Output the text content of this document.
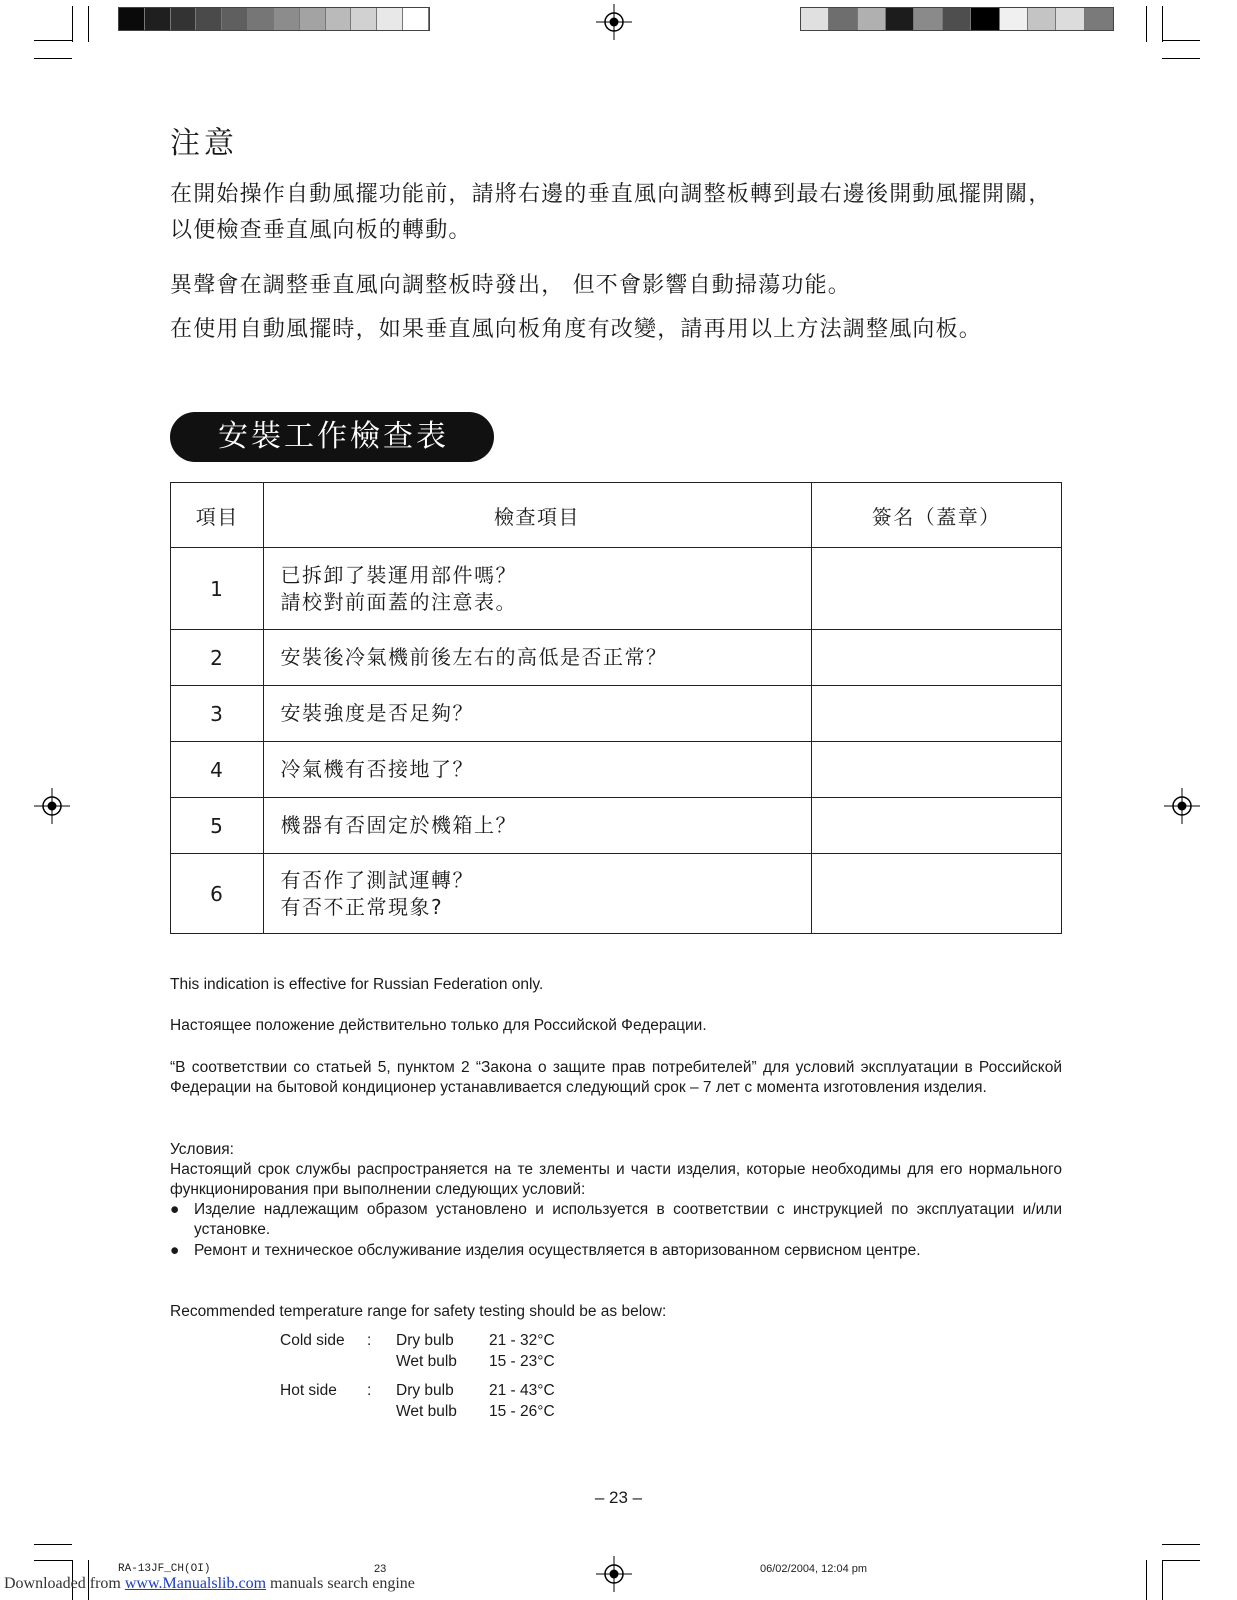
注意
在開始操作自動風擺功能前，請將右邊的垂直風向調整板轉到最右邊後開動風擺開關，以便檢查垂直風向板的轉動。
異聲會在調整垂直風向調整板時發出， 但不會影響自動掃蕩功能。
在使用自動風擺時，如果垂直風向板角度有改變，請再用以上方法調整風向板。
安裝工作檢查表
項目	檢查項目	簽名（蓋章）
1	已拆卸了裝運用部件嗎？
請校對前面蓋的注意表。	
2	安裝後冷氣機前後左右的高低是否正常？	
3	安裝強度是否足夠？	
4	冷氣機有否接地了？	
5	機器有否固定於機箱上？	
6	有否作了測試運轉？
有否不正常現象?	
This indication is effective for Russian Federation only.
Настоящее положение действительно только для Российской Федерации.
“В соответствии со статьей 5, пунктом 2 “Закона о защите прав потребителей” для условий эксплуатации в Российской Федерации на бытовой кондиционер устанавливается следующий срок – 7 лет с момента изготовления изделия.
Условия:
Настоящий срок службы распространяется на те злементы и части изделия, которые необходимы для его нормального функционирования при выполнении следующих условий:
● Изделие надлежащим образом установлено и используется в соответствии с инструкцией по эксплуатации и/или установке.
● Ремонт и техническое обслуживание изделия осуществляется в авторизованном сервисном центре.
Recommended temperature range for safety testing should be as below:
Cold side : Dry bulb 21 - 32°C
Wet bulb 15 - 23°C
Hot side : Dry bulb 21 - 43°C
Wet bulb 15 - 26°C
– 23 –
RA-13JF_CH(OI)	23	06/02/2004, 12:04 pm
Downloaded from www.Manualslib.com manuals search engine
